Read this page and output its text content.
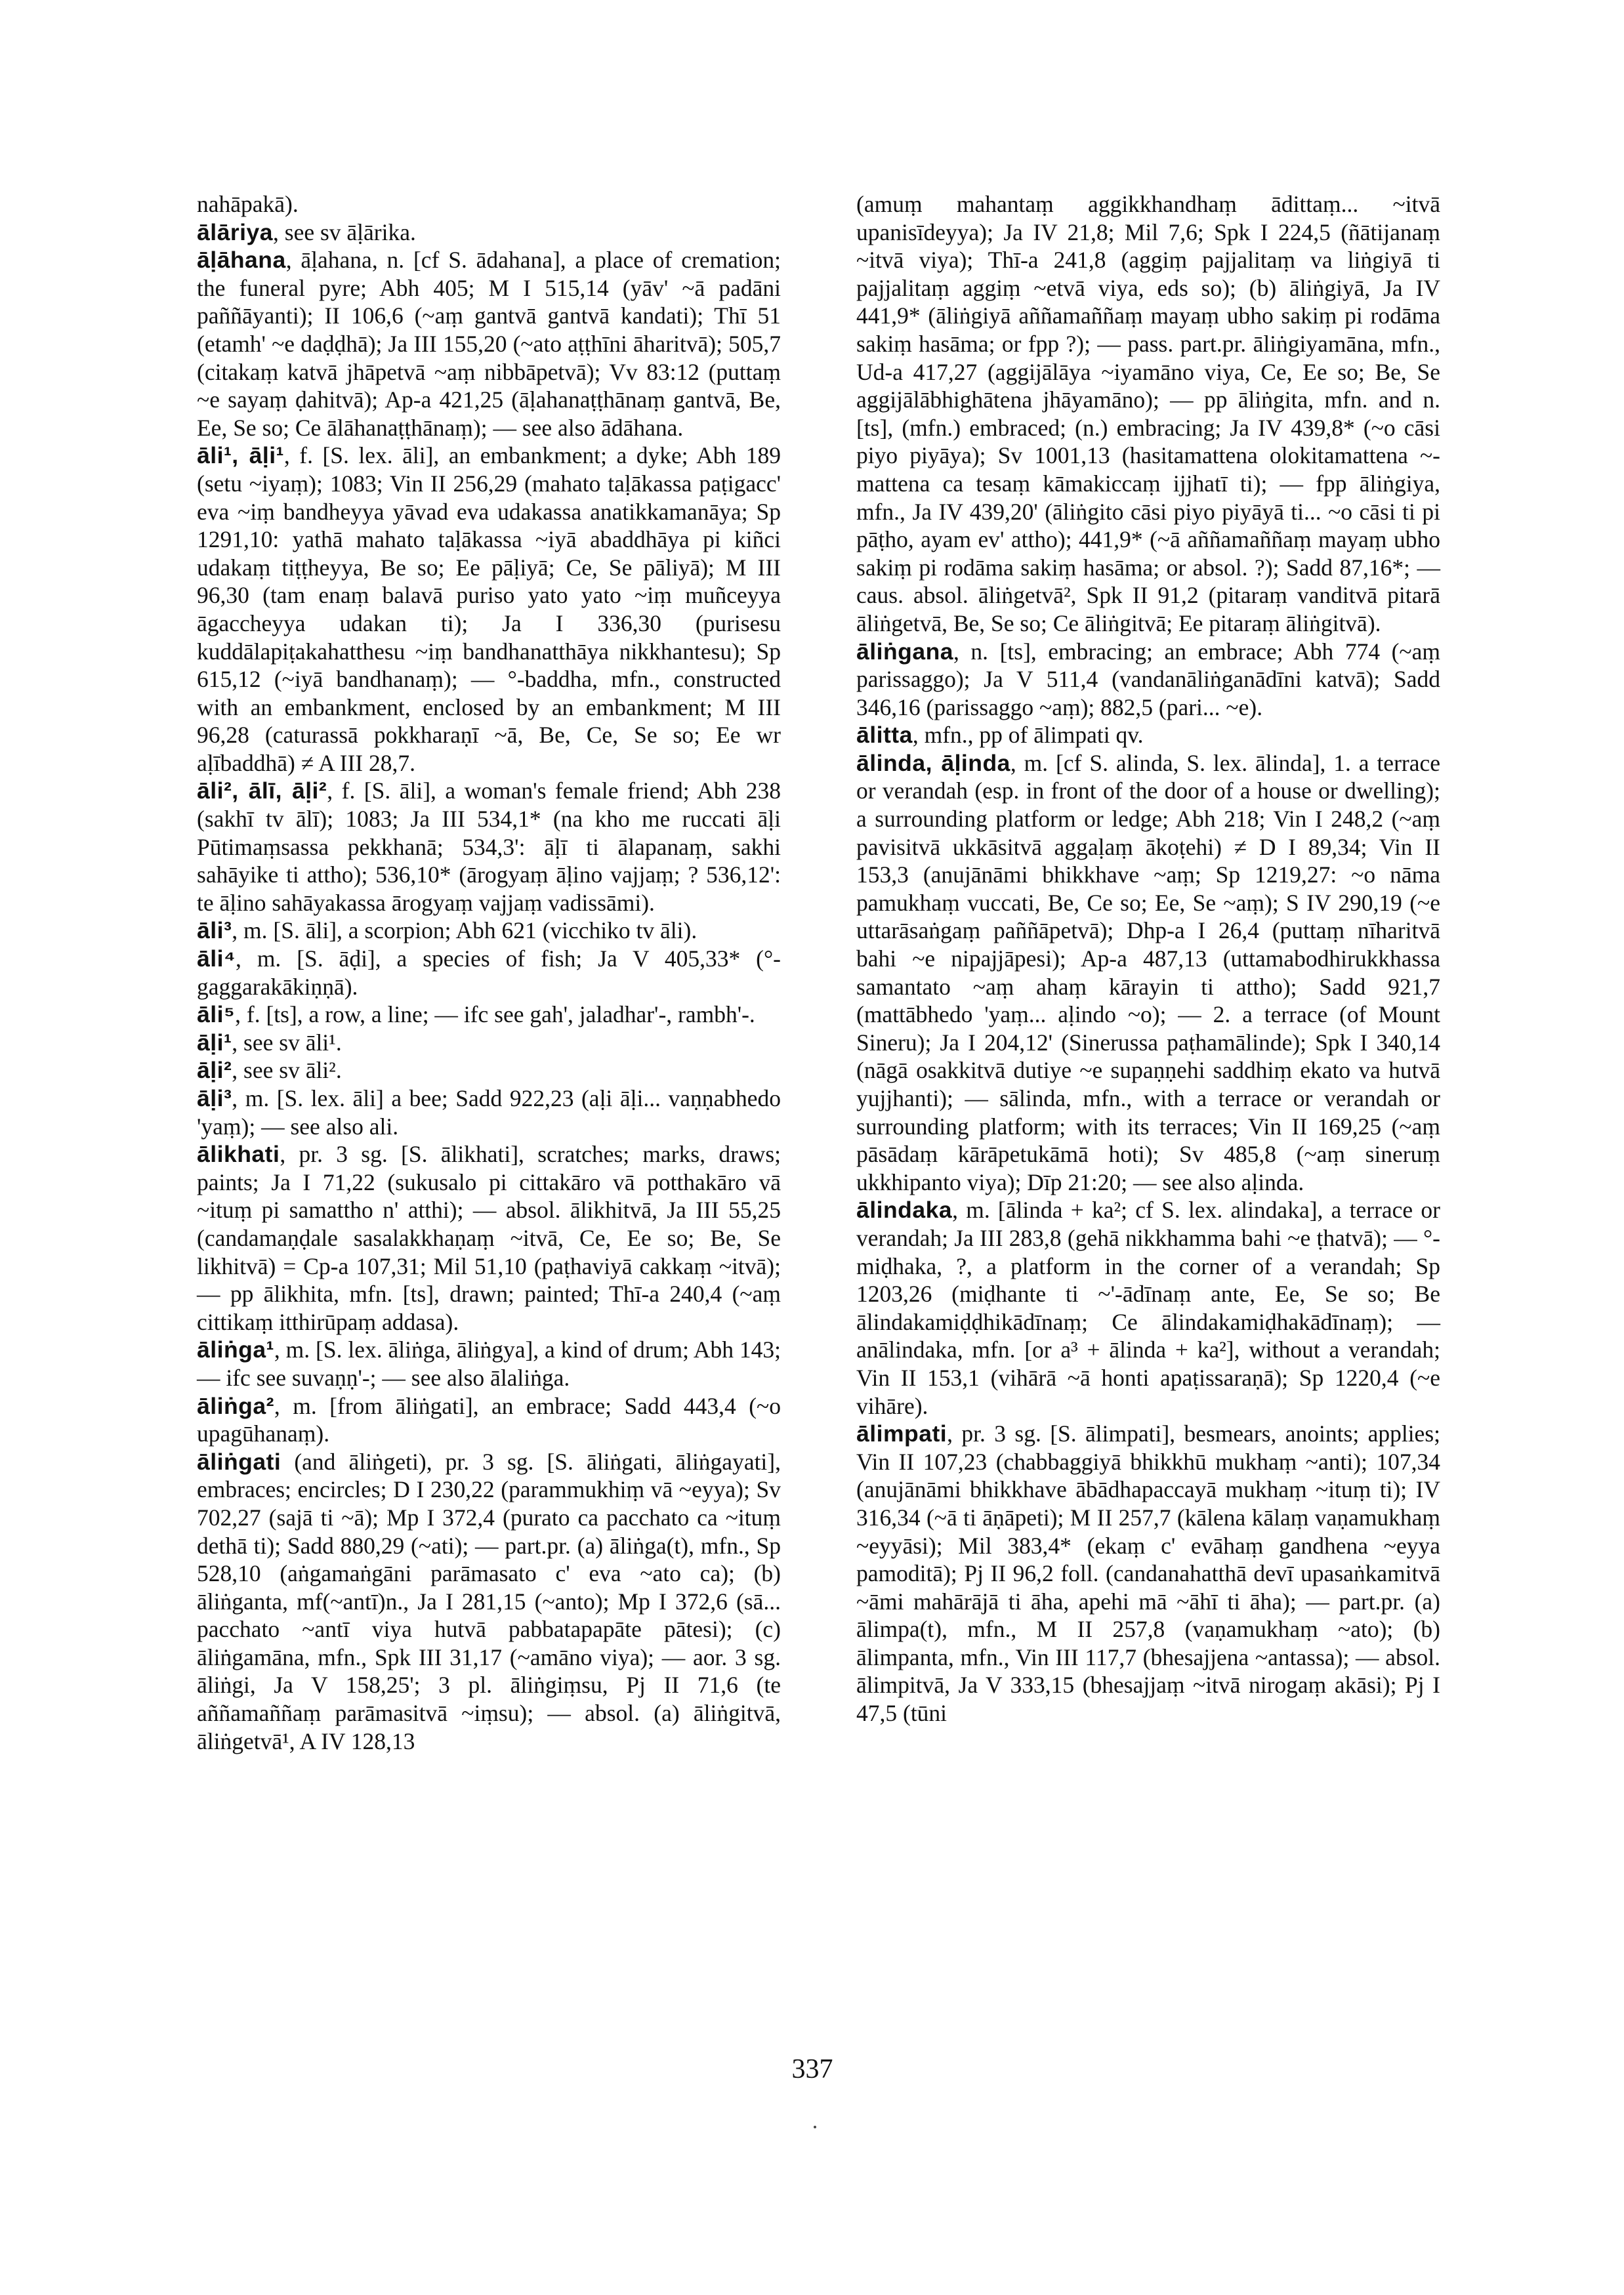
nahāpakā).

ālāriya, see sv āḷārika.

āḷāhana, āḷahana, n. [cf S. ādahana], a place of cremation; the funeral pyre; Abh 405; M I 515,14 (yāv' ~ā padāni paññāyanti); II 106,6 (~aṃ gantvā gantvā kandati); Thī 51 (etamh' ~e daḍḍhā); Ja III 155,20 (~ato aṭṭhīni āharitvā); 505,7 (citakaṃ katvā jhāpetvā ~aṃ nibbāpetvā); Vv 83:12 (puttaṃ ~e sayaṃ ḍahitvā); Ap-a 421,25 (āḷahanaṭṭhānaṃ gantvā, Be, Ee, Se so; Ce ālāhanaṭṭhānaṃ); — see also ādāhana.

āli¹, āḷi¹, f. [S. lex. āli], an embankment; a dyke; Abh 189 (setu ~iyaṃ); 1083; Vin II 256,29 (mahato taḷākassa paṭigacc' eva ~iṃ bandheyya yāvad eva udakassa anatikkamanāya; Sp 1291,10: yathā mahato taḷākassa ~iyā abaddhāya pi kiñci udakaṃ tiṭṭheyya, Be so; Ee pāḷiyā; Ce, Se pāliyā); M III 96,30 (tam enaṃ balavā puriso yato yato ~iṃ muñceyya āgaccheyya udakan ti); Ja I 336,30 (purisesu kuddālapiṭakahatthesu ~iṃ bandhanatthāya nikkhantesu); Sp 615,12 (~iyā bandhanaṃ); — °-baddha, mfn., constructed with an embankment, enclosed by an embankment; M III 96,28 (caturassā pokkharaṇī ~ā, Be, Ce, Se so; Ee wr aḷībaddhā) ≠ A III 28,7.

āli², ālī, āḷi², f. [S. āli], a woman's female friend; Abh 238 (sakhī tv ālī); 1083; Ja III 534,1* (na kho me ruccati āḷi Pūtimaṃsassa pekkhanā; 534,3': āḷī ti ālapanaṃ, sakhi sahāyike ti attho); 536,10* (ārogyaṃ āḷino vajjaṃ; ? 536,12': te āḷino sahāyakassa ārogyaṃ vajjaṃ vadissāmi).

āli³, m. [S. āli], a scorpion; Abh 621 (vicchiko tv āli).

āli⁴, m. [S. āḍi], a species of fish; Ja V 405,33* (°-gaggarakākiṇṇā).

āli⁵, f. [ts], a row, a line; — ifc see gah', jaladhar'-, rambh'-.

āḷi¹, see sv āli¹.

āḷi², see sv āli².

āḷi³, m. [S. lex. āli] a bee; Sadd 922,23 (aḷi āḷi... vaṇṇabhedo 'yaṃ); — see also ali.

ālikhati, pr. 3 sg. [S. ālikhati], scratches; marks, draws; paints; Ja I 71,22 (sukusalo pi cittakāro vā potthakāro vā ~ituṃ pi samattho n' atthi); — absol. ālikhitvā, Ja III 55,25 (candamaṇḍale sasalakkhaṇaṃ ~itvā, Ce, Ee so; Be, Se likhitvā) = Cp-a 107,31; Mil 51,10 (paṭhaviyā cakkaṃ ~itvā); — pp ālikhita, mfn. [ts], drawn; painted; Thī-a 240,4 (~aṃ cittikaṃ itthirūpaṃ addasa).

āliṅga¹, m. [S. lex. āliṅga, āliṅgya], a kind of drum; Abh 143; — ifc see suvaṇṇ'-; — see also ālaliṅga.

āliṅga², m. [from āliṅgati], an embrace; Sadd 443,4 (~o upagūhanaṃ).

āliṅgati (and āliṅgeti), pr. 3 sg. [S. āliṅgati, āliṅgayati], embraces; encircles; D I 230,22 (parammukhiṃ vā ~eyya); Sv 702,27 (sajā ti ~ā); Mp I 372,4 (purato ca pacchato ca ~ituṃ dethā ti); Sadd 880,29 (~ati); — part.pr. (a) āliṅga(t), mfn., Sp 528,10 (aṅgamaṅgāni parāmasato c' eva ~ato ca); (b) āliṅganta, mf(~antī)n., Ja I 281,15 (~anto); Mp I 372,6 (sā... pacchato ~antī viya hutvā pabbatapapāte pātesi); (c) āliṅgamāna, mfn., Spk III 31,17 (~amāno viya); — aor. 3 sg. āliṅgi, Ja V 158,25'; 3 pl. āliṅgiṃsu, Pj II 71,6 (te aññamaññaṃ parāmasitvā ~iṃsu); — absol. (a) āliṅgitvā, āliṅgetvā¹, A IV 128,13

(amuṃ mahantaṃ aggikkhandhaṃ ādittaṃ... ~itvā upanisīdeyya); Ja IV 21,8; Mil 7,6; Spk I 224,5 (ñātijanaṃ ~itvā viya); Thī-a 241,8 (aggiṃ pajjalitaṃ va liṅgiyā ti pajjalitaṃ aggiṃ ~etvā viya, eds so); (b) āliṅgiyā, Ja IV 441,9* (āliṅgiyā aññamaññaṃ mayaṃ ubho sakiṃ pi rodāma sakiṃ hasāma; or fpp ?); — pass. part.pr. āliṅgiyamāna, mfn., Ud-a 417,27 (aggijālāya ~iyamāno viya, Ce, Ee so; Be, Se aggijālābhighātena jhāyamāno); — pp āliṅgita, mfn. and n. [ts], (mfn.) embraced; (n.) embracing; Ja IV 439,8* (~o cāsi piyo piyāya); Sv 1001,13 (hasitamattena olokitamattena ~-mattena ca tesaṃ kāmakiccaṃ ijjhatī ti); — fpp āliṅgiya, mfn., Ja IV 439,20' (āliṅgito cāsi piyo piyāyā ti... ~o cāsi ti pi pāṭho, ayam ev' attho); 441,9* (~ā aññamaññaṃ mayaṃ ubho sakiṃ pi rodāma sakiṃ hasāma; or absol. ?); Sadd 87,16*; — caus. absol. āliṅgetvā², Spk II 91,2 (pitaraṃ vanditvā pitarā āliṅgetvā, Be, Se so; Ce āliṅgitvā; Ee pitaraṃ āliṅgitvā).

āliṅgana, n. [ts], embracing; an embrace; Abh 774 (~aṃ parissaggo); Ja V 511,4 (vandanāliṅganādīni katvā); Sadd 346,16 (parissaggo ~aṃ); 882,5 (pari... ~e).

ālitta, mfn., pp of ālimpati qv.

ālinda, āḷinda, m. [cf S. alinda, S. lex. ālinda], 1. a terrace or verandah (esp. in front of the door of a house or dwelling); a surrounding platform or ledge; Abh 218; Vin I 248,2 (~aṃ pavisitvā ukkāsitvā aggaḷaṃ ākoṭehi) ≠ D I 89,34; Vin II 153,3 (anujānāmi bhikkhave ~aṃ; Sp 1219,27: ~o nāma pamukhaṃ vuccati, Be, Ce so; Ee, Se ~aṃ); S IV 290,19 (~e uttarāsaṅgaṃ paññāpetvā); Dhp-a I 26,4 (puttaṃ nīharitvā bahi ~e nipajjāpesi); Ap-a 487,13 (uttamabodhirukkhassa samantato ~aṃ ahaṃ kārayin ti attho); Sadd 921,7 (mattābhedo 'yaṃ... aḷindo ~o); — 2. a terrace (of Mount Sineru); Ja I 204,12' (Sinerussa paṭhamālinde); Spk I 340,14 (nāgā osakkitvā dutiye ~e supaṇṇehi saddhiṃ ekato va hutvā yujjhanti); — sālinda, mfn., with a terrace or verandah or surrounding platform; with its terraces; Vin II 169,25 (~aṃ pāsādaṃ kārāpetukāmā hoti); Sv 485,8 (~aṃ sineruṃ ukkhipanto viya); Dīp 21:20; — see also aḷinda.

ālindaka, m. [ālinda + ka²; cf S. lex. alindaka], a terrace or verandah; Ja III 283,8 (gehā nikkhamma bahi ~e ṭhatvā); — °-miḍhaka, ?, a platform in the corner of a verandah; Sp 1203,26 (miḍhante ti ~'-ādīnaṃ ante, Ee, Se so; Be ālindakamiḍḍhikādīnaṃ; Ce ālindakamiḍhakādīnaṃ); — anālindaka, mfn. [or a³ + ālinda + ka²], without a verandah; Vin II 153,1 (vihārā ~ā honti apaṭissaraṇā); Sp 1220,4 (~e vihāre).

ālimpati, pr. 3 sg. [S. ālimpati], besmears, anoints; applies; Vin II 107,23 (chabbaggiyā bhikkhū mukhaṃ ~anti); 107,34 (anujānāmi bhikkhave ābādhapaccayā mukhaṃ ~ituṃ ti); IV 316,34 (~ā ti āṇāpeti); M II 257,7 (kālena kālaṃ vaṇamukhaṃ ~eyyāsi); Mil 383,4* (ekaṃ c' evāhaṃ gandhena ~eyya pamoditā); Pj II 96,2 foll. (candanahatthā devī upasaṅkamitvā ~āmi mahārājā ti āha, apehi mā ~āhī ti āha); — part.pr. (a) ālimpa(t), mfn., M II 257,8 (vaṇamukhaṃ ~ato); (b) ālimpanta, mfn., Vin III 117,7 (bhesajjena ~antassa); — absol. ālimpitvā, Ja V 333,15 (bhesajjaṃ ~itvā nirogaṃ akāsi); Pj I 47,5 (tūni

337
